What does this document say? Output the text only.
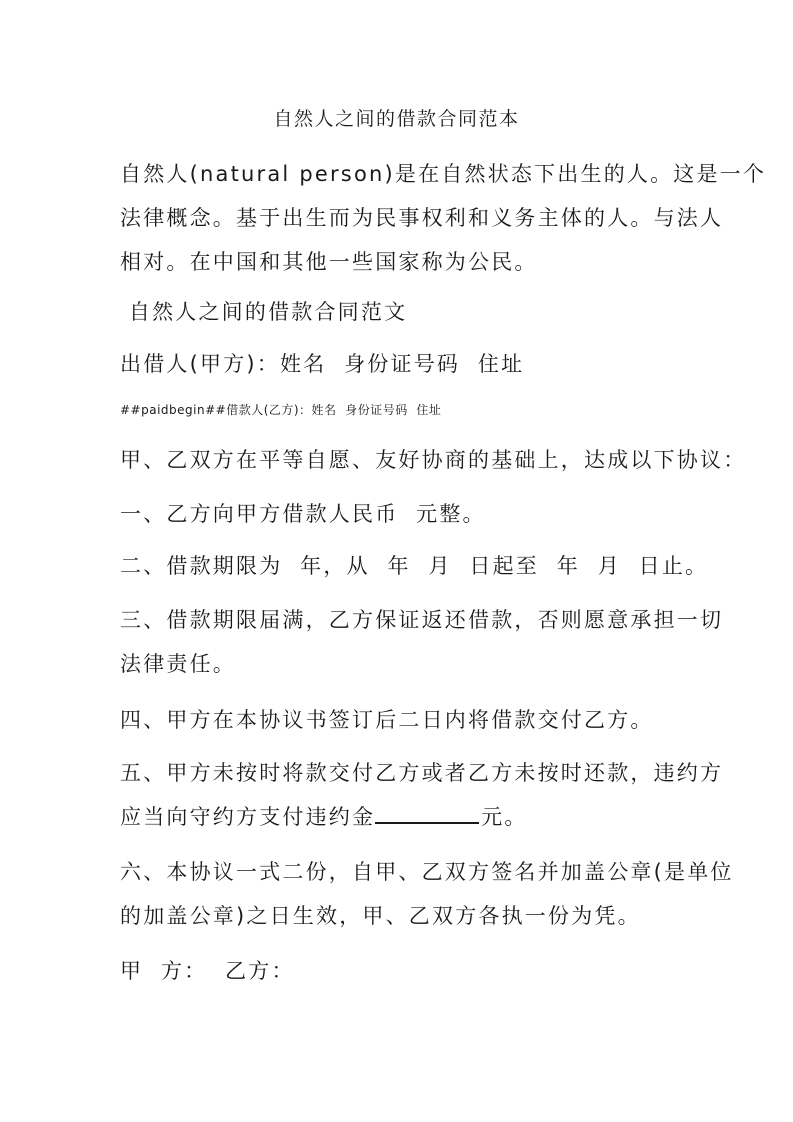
自然人之间的借款合同范本
自然人(natural person)是在自然状态下出生的人。这是一个
法律概念。基于出生而为民事权利和义务主体的人。与法人
相对。在中国和其他一些国家称为公民。
自然人之间的借款合同范文
出借人(甲方)：姓名  身份证号码  住址
##paidbegin##借款人(乙方)：姓名  身份证号码  住址
甲、乙双方在平等自愿、友好协商的基础上，达成以下协议：
一、乙方向甲方借款人民币  元整。
二、借款期限为  年，从  年  月  日起至  年  月  日止。
三、借款期限届满，乙方保证返还借款，否则愿意承担一切
法律责任。
四、甲方在本协议书签订后二日内将借款交付乙方。
五、甲方未按时将款交付乙方或者乙方未按时还款，违约方
应当向守约方支付违约金	元。
六、本协议一式二份，自甲、乙双方签名并加盖公章(是单位
的加盖公章)之日生效，甲、乙双方各执一份为凭。
甲  方：  乙方：
